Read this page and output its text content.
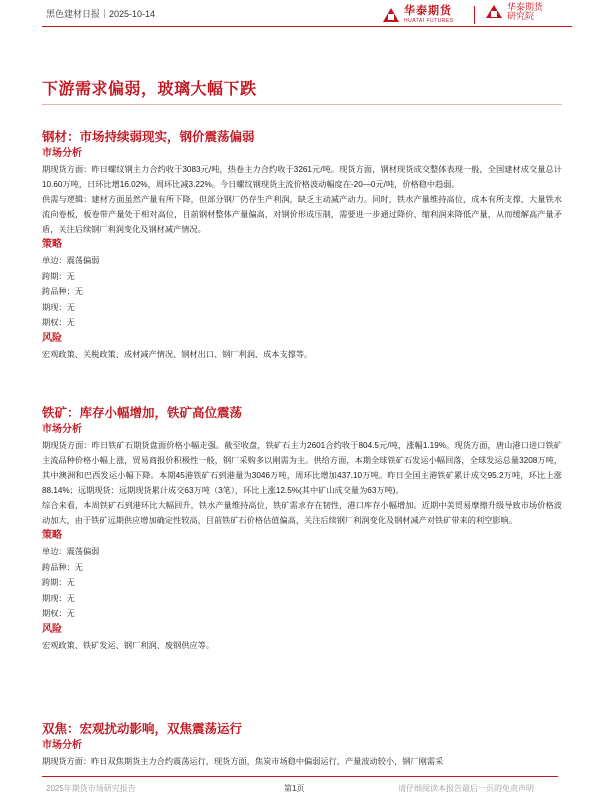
黑色建材日报｜2025-10-14	华泰期货
HUATAI FUTURES
华泰期货
研究院
下游需求偏弱，玻璃大幅下跌
钢材：市场持续弱现实，钢价震荡偏弱
市场分析

期现货方面：昨日螺纹钢主力合约收于3083元/吨，热卷主力合约收于3261元/吨。现货方面，钢材现货成交整体表现一般，全国建材成交量总计10.60万吨，日环比增16.02%，周环比减3.22%。今日螺纹钢现货主流价格波动幅度在-20—0元/吨，价格稳中趋弱。

供需与逻辑：建材方面虽然产量有所下降，但部分钢厂仍存生产利润，缺乏主动减产动力。同时，铁水产量维持高位，成本有所支撑，大量铁水流向卷板，板卷带产量处于相对高位，目前钢材整体产量偏高，对钢价形成压制，需要进一步通过降价、缩利润来降低产量，从而缓解高产量矛盾，关注后续钢厂利润变化及钢材减产情况。

策略
单边：震荡偏弱
跨期：无
跨品种：无
期现：无
期权：无
风险
宏观政策、关税政策、成材减产情况、钢材出口、钢厂利润、成本支撑等。
铁矿：库存小幅增加，铁矿高位震荡
市场分析

期现货方面：昨日铁矿石期货盘面价格小幅走强。截至收盘，铁矿石主力2601合约收于804.5元/吨，涨幅1.19%。现货方面，唐山港口进口铁矿主流品种价格小幅上涨，贸易商报价积极性一般，钢厂采购多以刚需为主。供给方面，本期全球铁矿石发运小幅回落，全球发运总量3208万吨，其中澳洲和巴西发运小幅下降。本期45港铁矿石到港量为3046万吨，周环比增加437.10万吨。昨日全国主港铁矿累计成交95.2万吨，环比上涨88.14%；远期现货：远期现货累计成交63万吨（3笔），环比上涨12.5%(其中矿山成交量为63万吨)。

综合来看，本周铁矿石到港环比大幅回升，铁水产量维持高位，铁矿需求存在韧性，港口库存小幅增加。近期中美贸易摩擦升级导致市场价格波动加大，由于铁矿远期供应增加确定性较高，目前铁矿石价格估值偏高，关注后续钢厂利润变化及钢材减产对铁矿带来的利空影响。

策略
单边：震荡偏弱
跨品种：无
跨期：无
期现：无
期权：无
风险
宏观政策、铁矿发运、钢厂利润、废钢供应等。
双焦：宏观扰动影响，双焦震荡运行
市场分析
期现货方面：昨日双焦期货主力合约震荡运行，现货方面，焦炭市场稳中偏弱运行，产量波动较小，钢厂刚需采
2025年期货市场研究报告	第1页	请仔细阅读本报告最后一页的免责声明
